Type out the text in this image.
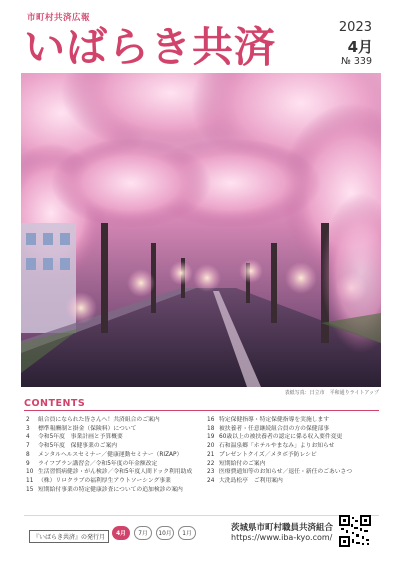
市町村共済広報
いばらき共済	2023
4月
№ 339
表紙写真：日立市　平和通りライトアップ
CONTENTS
2	組合員になられた皆さんへ！共済組合のご案内
3	標準報酬制と掛金（保険料）について
4	令和5年度　事業計画と予算概要
7	令和5年度　保健事業のご案内
8	メンタルヘルスセミナー／健康運動セミナー（RIZAP）
9	ライフプラン講習会／令和5年度の年金额改定
10 生活習慣病健診・がん検診／令和5年度人間ドック利用助成
11 （株）リロクラブの福利厚生アウトソーシング事業
15 短期給付事業の特定健康診査についての追加検診の案内
16 特定保健指導・特定保健指導を実施します
18 被扶養者・任意継続組合員の方の保健部事
19 60歳以上の被扶養者の認定に係る収入要件変更
20 石和温泉郷「ホテルやまなみ」よりお知らせ
21 プレゼントクイズ／メタボ予防レシピ
22 短期給付のご案内
23 医療費通知等のお知らせ／退任・新任のごあいさつ
24 大洗島松亭　ご利用案内
『いばらき共済』の発行月	4月	7月	10月	1月
茨城県市町村職員共済組合
https://www.iba-kyo.com/
